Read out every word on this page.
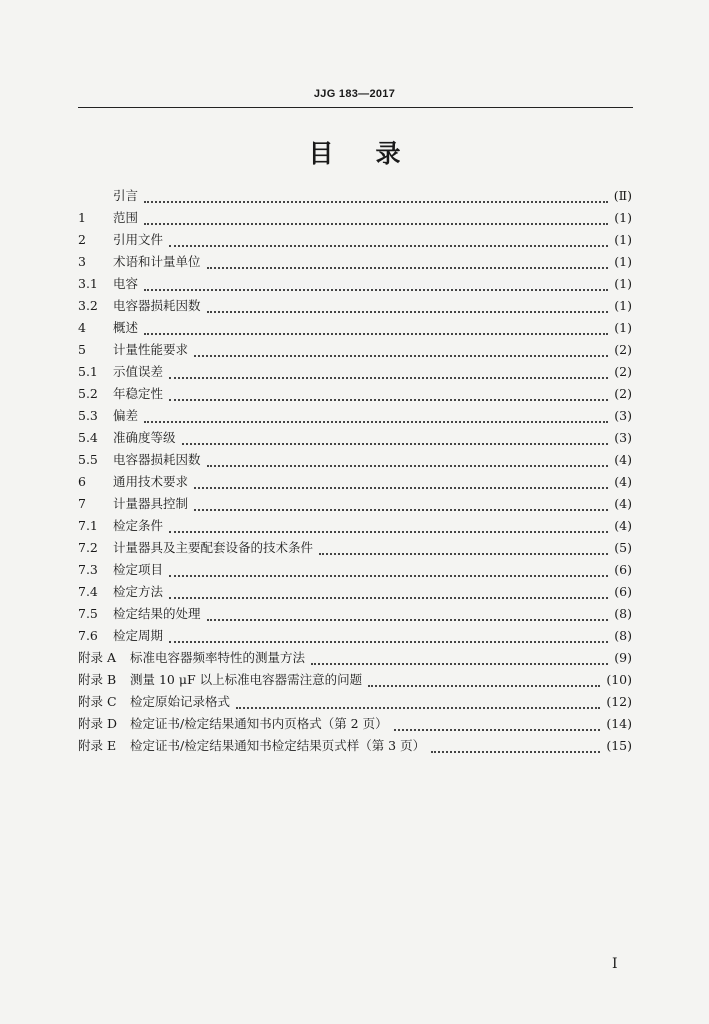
JJG 183—2017
目录
引言	(Ⅱ)
1	范围	(1)
2	引用文件	(1)
3	术语和计量单位	(1)
3.1	电容	(1)
3.2	电容器损耗因数	(1)
4	概述	(1)
5	计量性能要求	(2)
5.1	示值误差	(2)
5.2	年稳定性	(2)
5.3	偏差	(3)
5.4	准确度等级	(3)
5.5	电容器损耗因数	(4)
6	通用技术要求	(4)
7	计量器具控制	(4)
7.1	检定条件	(4)
7.2	计量器具及主要配套设备的技术条件	(5)
7.3	检定项目	(6)
7.4	检定方法	(6)
7.5	检定结果的处理	(8)
7.6	检定周期	(8)
附录 A	标准电容器频率特性的测量方法	(9)
附录 B	测量 10 μF 以上标准电容器需注意的问题	(10)
附录 C	检定原始记录格式	(12)
附录 D	检定证书/检定结果通知书内页格式（第 2 页）	(14)
附录 E	检定证书/检定结果通知书检定结果页式样（第 3 页）	(15)
I
